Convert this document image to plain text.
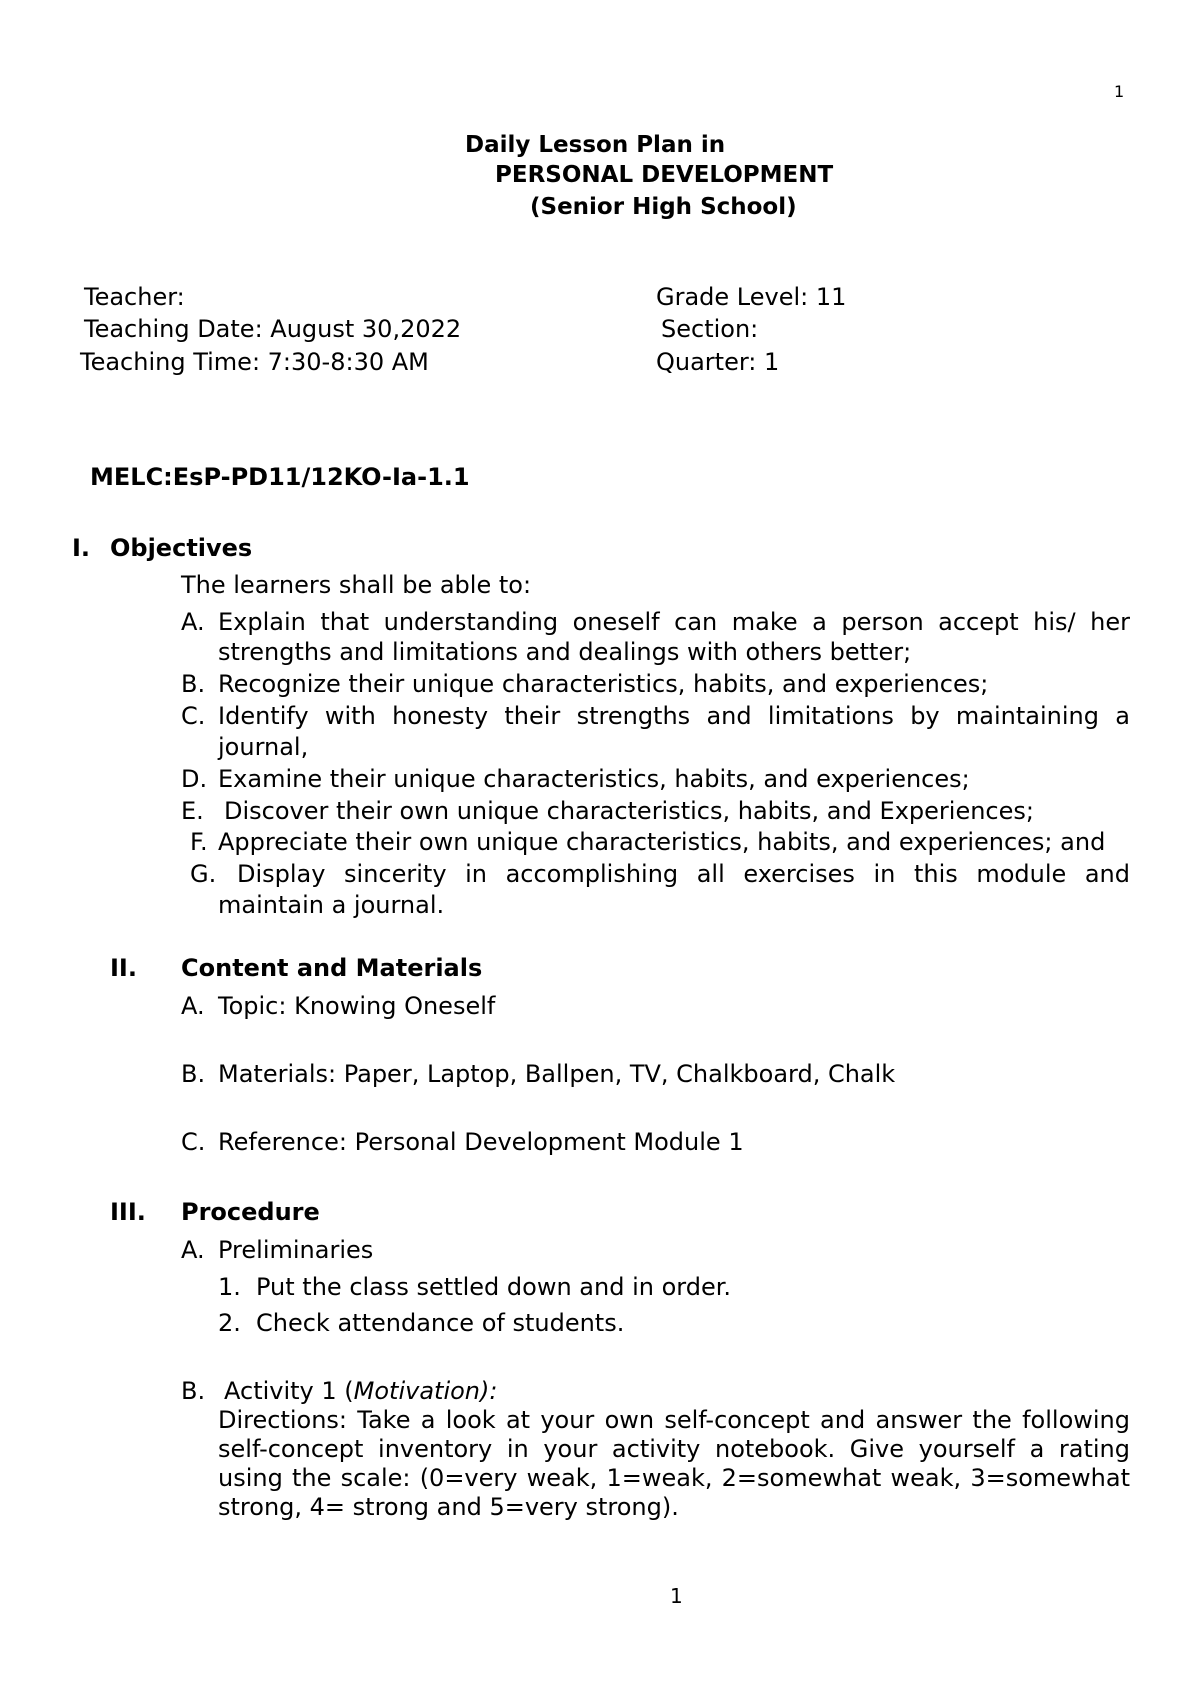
1
Daily Lesson Plan in
PERSONAL DEVELOPMENT
(Senior High School)
Teacher:
Teaching Date: August 30,2022
Teaching Time: 7:30-8:30 AM
Grade Level: 11
Section:
Quarter: 1
MELC:EsP-PD11/12KO-Ia-1.1
I. Objectives
The learners shall be able to:
A. Explain that understanding oneself can make a person accept his/ her
strengths and limitations and dealings with others better;
B. Recognize their unique characteristics, habits, and experiences;
C. Identify with honesty their strengths and limitations by maintaining a
journal,
D. Examine their unique characteristics, habits, and experiences;
E. Discover their own unique characteristics, habits, and Experiences;
F. Appreciate their own unique characteristics, habits, and experiences; and
G. Display sincerity in accomplishing all exercises in this module and
maintain a journal.
II. Content and Materials
A. Topic: Knowing Oneself
B. Materials: Paper, Laptop, Ballpen, TV, Chalkboard, Chalk
C. Reference: Personal Development Module 1
III. Procedure
A. Preliminaries
1. Put the class settled down and in order.
2. Check attendance of students.
B. Activity 1 (Motivation):
Directions: Take a look at your own self-concept and answer the following
self-concept inventory in your activity notebook. Give yourself a rating
using the scale: (0=very weak, 1=weak, 2=somewhat weak, 3=somewhat
strong, 4= strong and 5=very strong).
1
